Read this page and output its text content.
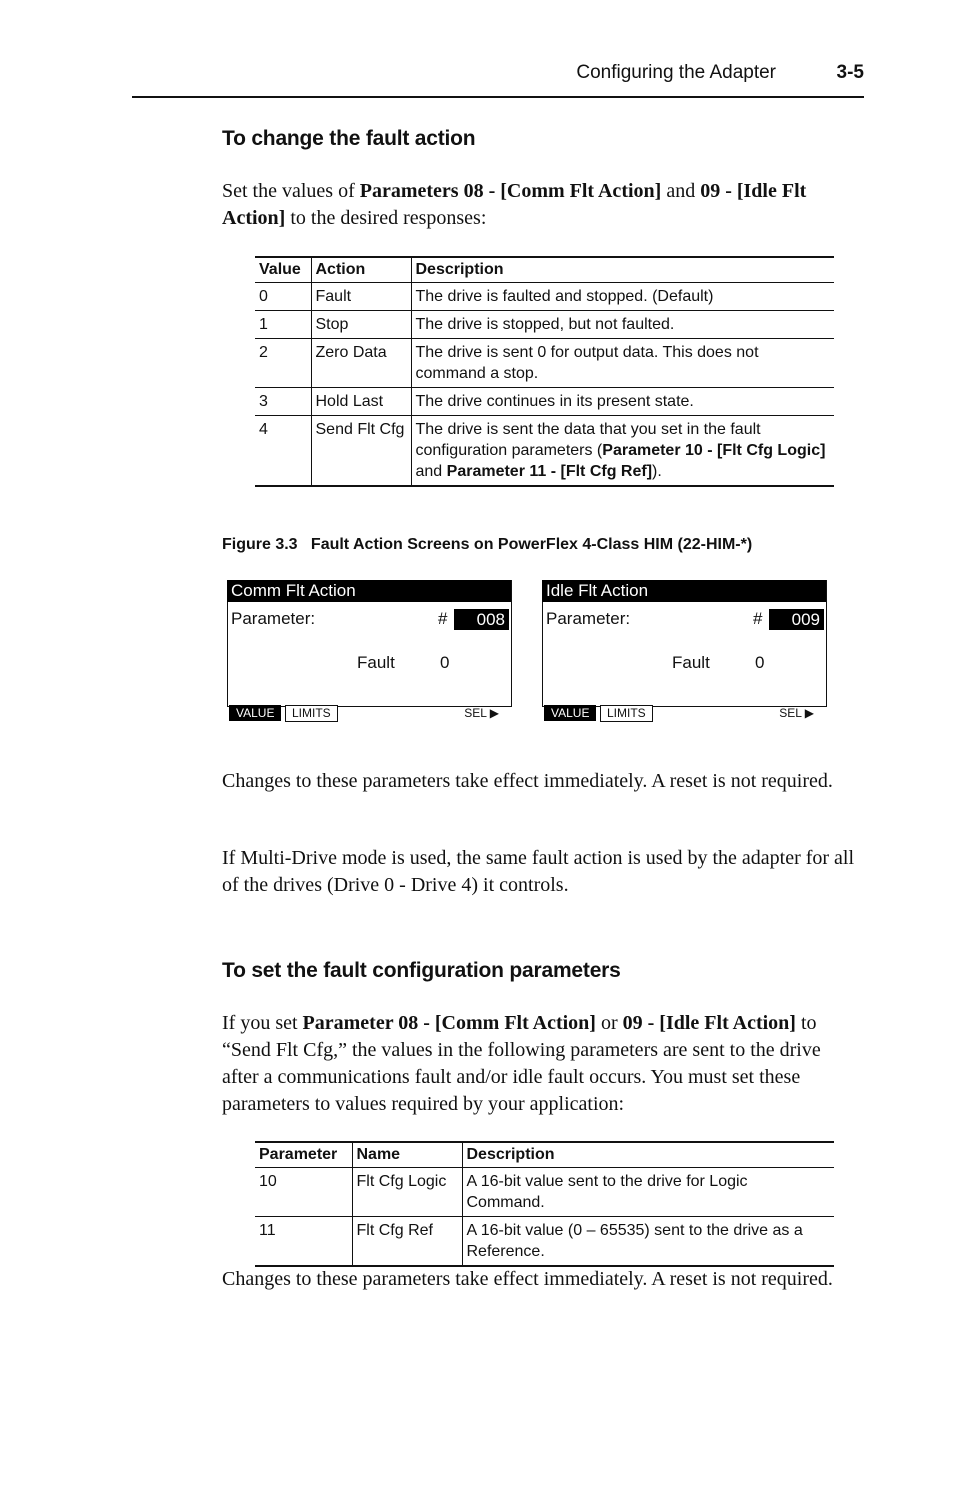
Configuring the Adapter	3-5
To change the fault action
Set the values of Parameters 08 - [Comm Flt Action] and 09 - [Idle Flt Action] to the desired responses:
Value	Action	Description
0	Fault	The drive is faulted and stopped. (Default)
1	Stop	The drive is stopped, but not faulted.
2	Zero Data	The drive is sent 0 for output data. This does not command a stop.
3	Hold Last	The drive continues in its present state.
4	Send Flt Cfg	The drive is sent the data that you set in the fault configuration parameters (Parameter 10 - [Flt Cfg Logic] and Parameter 11 - [Flt Cfg Ref]).
Figure 3.3   Fault Action Screens on PowerFlex 4-Class HIM (22-HIM-*)
Comm Flt Action
Parameter:	#	008
Fault	0
VALUE	LIMITS	SEL ▶
Idle Flt Action
Parameter:	#	009
Fault	0
VALUE	LIMITS	SEL ▶
Changes to these parameters take effect immediately. A reset is not required.
If Multi-Drive mode is used, the same fault action is used by the adapter for all of the drives (Drive 0 - Drive 4) it controls.
To set the fault configuration parameters
If you set Parameter 08 - [Comm Flt Action] or 09 - [Idle Flt Action] to “Send Flt Cfg,” the values in the following parameters are sent to the drive after a communications fault and/or idle fault occurs. You must set these parameters to values required by your application:
Parameter	Name	Description
10	Flt Cfg Logic	A 16-bit value sent to the drive for Logic Command.
11	Flt Cfg Ref	A 16-bit value (0 – 65535) sent to the drive as a Reference.
Changes to these parameters take effect immediately. A reset is not required.
